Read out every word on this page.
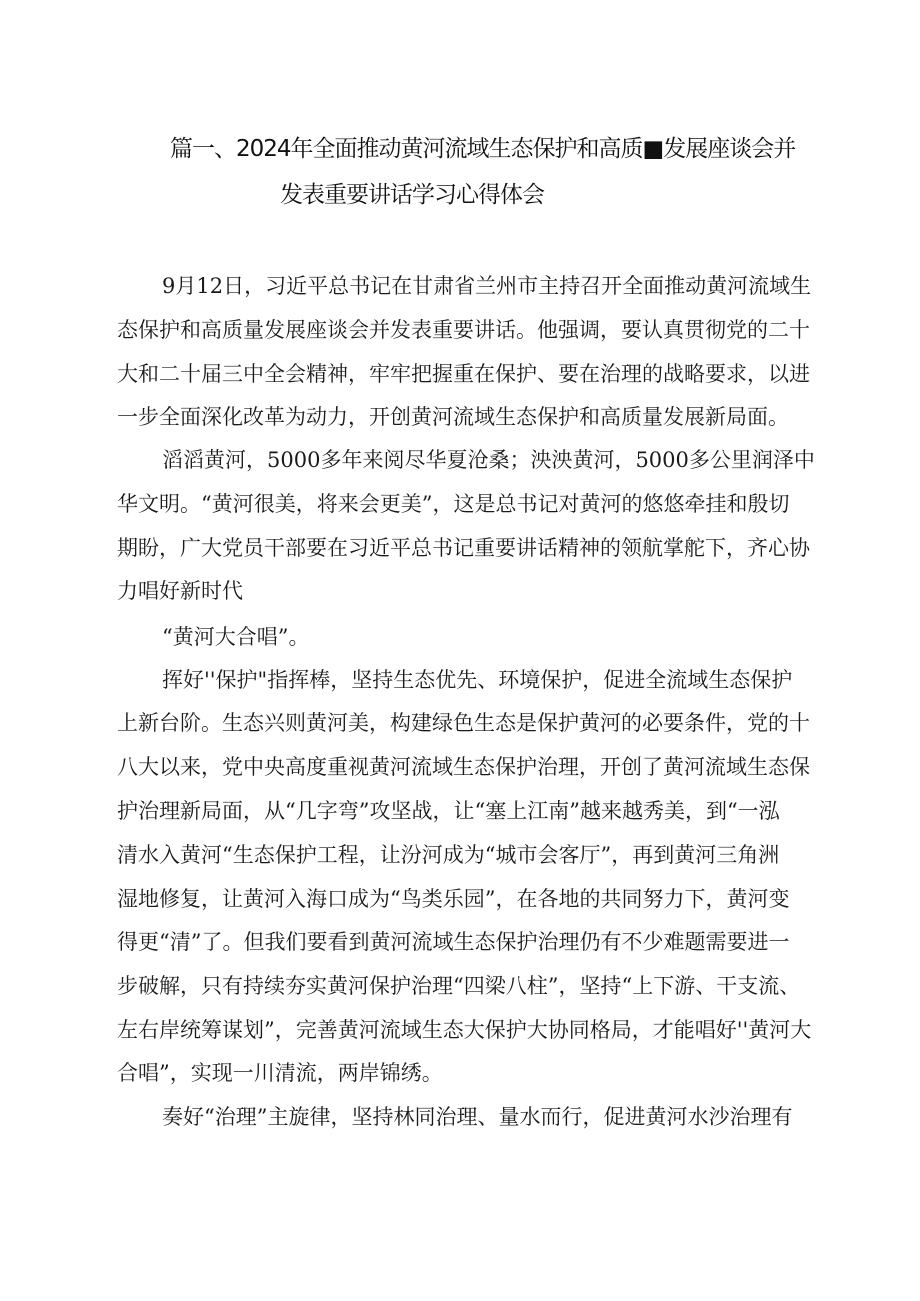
篇一、2024年全面推动黄河流域生态保护和高质■发展座谈会并
发表重要讲话学习心得体会
9月12日，习近平总书记在甘肃省兰州市主持召开全面推动黄河流域生
态保护和高质量发展座谈会并发表重要讲话。他强调，要认真贯彻党的二十
大和二十届三中全会精神，牢牢把握重在保护、要在治理的战略要求，以进
一步全面深化改革为动力，开创黄河流域生态保护和高质量发展新局面。
滔滔黄河，5000多年来阅尽华夏沧桑；泱泱黄河，5000多公里润泽中
华文明。“黄河很美，将来会更美”，这是总书记对黄河的悠悠牵挂和殷切
期盼，广大党员干部要在习近平总书记重要讲话精神的领航掌舵下，齐心协
力唱好新时代
“黄河大合唱”。
挥好''保护"指挥棒，坚持生态优先、环境保护，促进全流域生态保护
上新台阶。生态兴则黄河美，构建绿色生态是保护黄河的必要条件，党的十
八大以来，党中央高度重视黄河流域生态保护治理，开创了黄河流域生态保
护治理新局面，从“几字弯”攻坚战，让“塞上江南”越来越秀美，到“一泓
清水入黄河“生态保护工程，让汾河成为“城市会客厅”，再到黄河三角洲
湿地修复，让黄河入海口成为“鸟类乐园”，在各地的共同努力下，黄河变
得更“清”了。但我们要看到黄河流域生态保护治理仍有不少难题需要进一
步破解，只有持续夯实黄河保护治理“四梁八柱”，坚持“上下游、干支流、
左右岸统筹谋划”，完善黄河流域生态大保护大协同格局，才能唱好''黄河大
合唱”，实现一川清流，两岸锦绣。
奏好“治理”主旋律，坚持林同治理、量水而行，促进黄河水沙治理有
